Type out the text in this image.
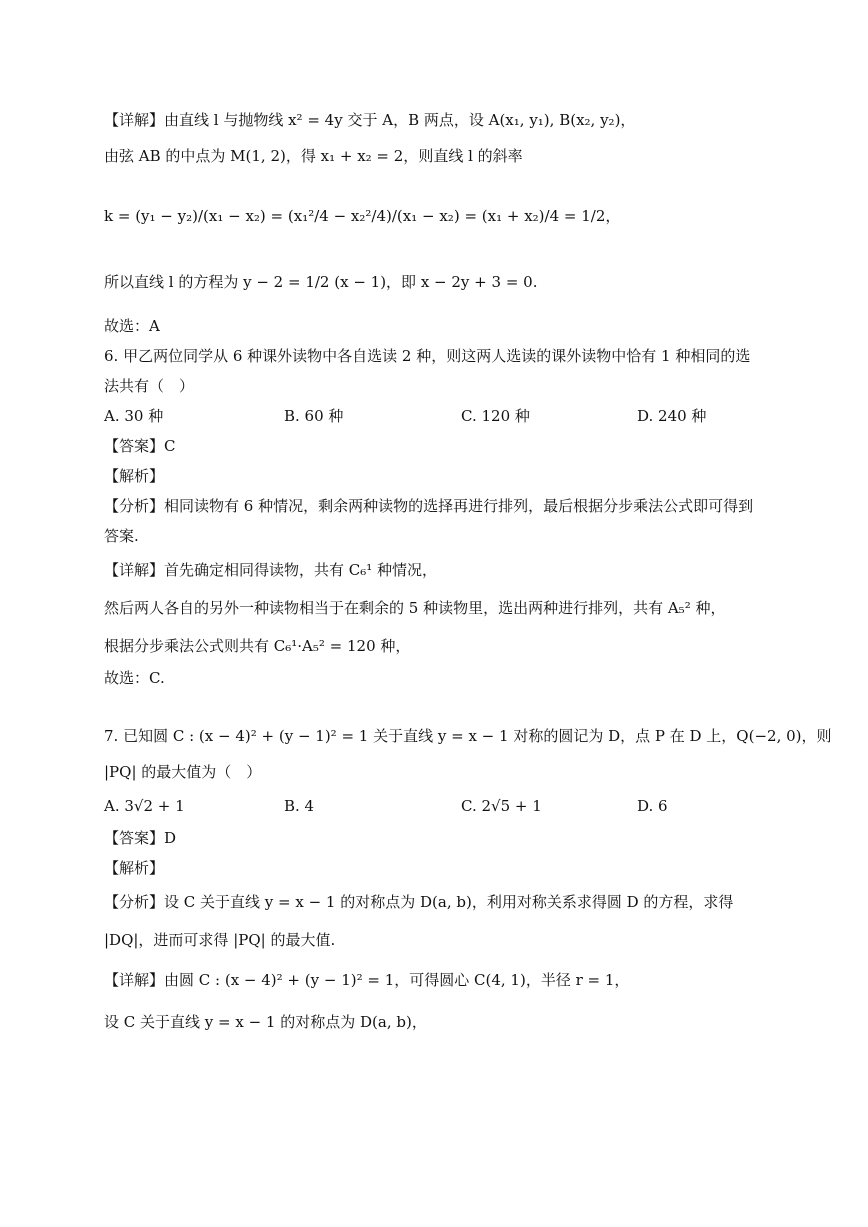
【详解】由直线 l 与抛物线 x² = 4y 交于 A，B 两点，设 A(x₁, y₁), B(x₂, y₂)，
由弦 AB 的中点为 M(1, 2)，得 x₁ + x₂ = 2，则直线 l 的斜率
k = (y₁ − y₂)/(x₁ − x₂) = (x₁²/4 − x₂²/4)/(x₁ − x₂) = (x₁ + x₂)/4 = 1/2，
所以直线 l 的方程为 y − 2 = 1/2 (x − 1)，即 x − 2y + 3 = 0.
故选：A
6. 甲乙两位同学从 6 种课外读物中各自选读 2 种，则这两人选读的课外读物中恰有 1 种相同的选
法共有（　）
A. 30 种	B. 60 种	C. 120 种	D. 240 种
【答案】C
【解析】
【分析】相同读物有 6 种情况，剩余两种读物的选择再进行排列，最后根据分步乘法公式即可得到
答案.
【详解】首先确定相同得读物，共有 C₆¹ 种情况，
然后两人各自的另外一种读物相当于在剩余的 5 种读物里，选出两种进行排列，共有 A₅² 种，
根据分步乘法公式则共有 C₆¹·A₅² = 120 种，
故选：C.
7. 已知圆 C : (x − 4)² + (y − 1)² = 1 关于直线 y = x − 1 对称的圆记为 D，点 P 在 D 上，Q(−2, 0)，则
|PQ| 的最大值为（　）
A. 3√2 + 1	B. 4	C. 2√5 + 1	D. 6
【答案】D
【解析】
【分析】设 C 关于直线 y = x − 1 的对称点为 D(a, b)，利用对称关系求得圆 D 的方程，求得
|DQ|，进而可求得 |PQ| 的最大值.
【详解】由圆 C : (x − 4)² + (y − 1)² = 1，可得圆心 C(4, 1)，半径 r = 1，
设 C 关于直线 y = x − 1 的对称点为 D(a, b)，
